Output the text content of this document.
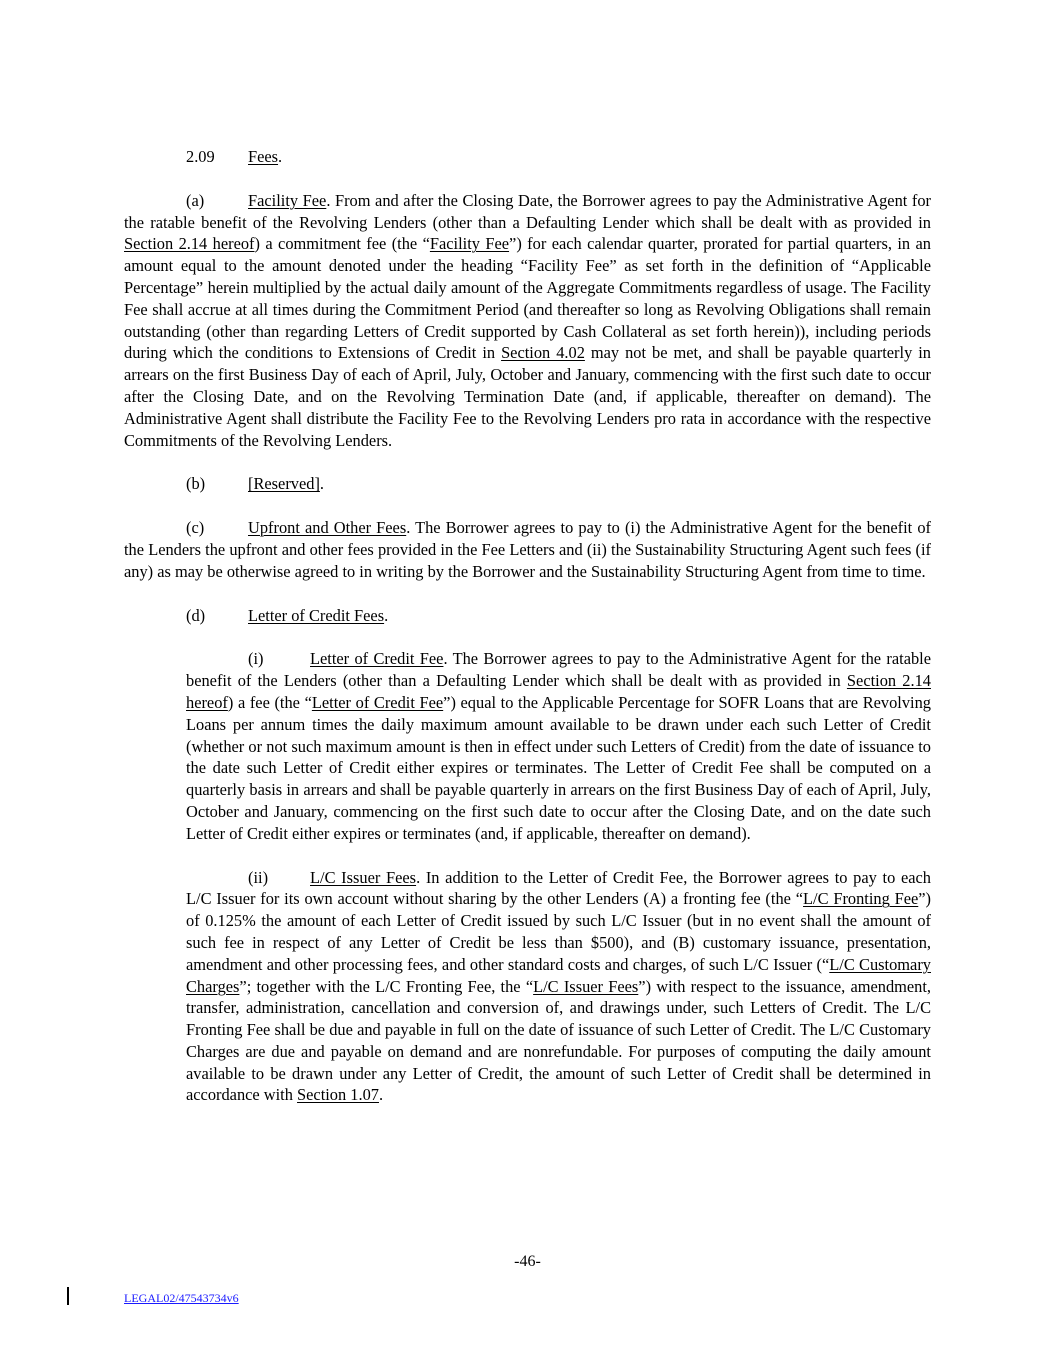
2.09 Fees.

(a)	Facility Fee. From and after the Closing Date, the Borrower agrees to pay the Administrative Agent for the ratable benefit of the Revolving Lenders (other than a Defaulting Lender which shall be dealt with as provided in Section 2.14 hereof) a commitment fee (the “Facility Fee”) for each calendar quarter, prorated for partial quarters, in an amount equal to the amount denoted under the heading “Facility Fee” as set forth in the definition of “Applicable Percentage” herein multiplied by the actual daily amount of the Aggregate Commitments regardless of usage. The Facility Fee shall accrue at all times during the Commitment Period (and thereafter so long as Revolving Obligations shall remain outstanding (other than regarding Letters of Credit supported by Cash Collateral as set forth herein)), including periods during which the conditions to Extensions of Credit in Section 4.02 may not be met, and shall be payable quarterly in arrears on the first Business Day of each of April, July, October and January, commencing with the first such date to occur after the Closing Date, and on the Revolving Termination Date (and, if applicable, thereafter on demand). The Administrative Agent shall distribute the Facility Fee to the Revolving Lenders pro rata in accordance with the respective Commitments of the Revolving Lenders.

(b)	[Reserved].

(c)	Upfront and Other Fees. The Borrower agrees to pay to (i) the Administrative Agent for the benefit of the Lenders the upfront and other fees provided in the Fee Letters and (ii) the Sustainability Structuring Agent such fees (if any) as may be otherwise agreed to in writing by the Borrower and the Sustainability Structuring Agent from time to time.

(d)	Letter of Credit Fees.

(i)	Letter of Credit Fee. The Borrower agrees to pay to the Administrative Agent for the ratable benefit of the Lenders (other than a Defaulting Lender which shall be dealt with as provided in Section 2.14 hereof) a fee (the “Letter of Credit Fee”) equal to the Applicable Percentage for SOFR Loans that are Revolving Loans per annum times the daily maximum amount available to be drawn under each such Letter of Credit (whether or not such maximum amount is then in effect under such Letters of Credit) from the date of issuance to the date such Letter of Credit either expires or terminates. The Letter of Credit Fee shall be computed on a quarterly basis in arrears and shall be payable quarterly in arrears on the first Business Day of each of April, July, October and January, commencing on the first such date to occur after the Closing Date, and on the date such Letter of Credit either expires or terminates (and, if applicable, thereafter on demand).

(ii)	L/C Issuer Fees. In addition to the Letter of Credit Fee, the Borrower agrees to pay to each L/C Issuer for its own account without sharing by the other Lenders (A) a fronting fee (the “L/C Fronting Fee”) of 0.125% the amount of each Letter of Credit issued by such L/C Issuer (but in no event shall the amount of such fee in respect of any Letter of Credit be less than $500), and (B) customary issuance, presentation, amendment and other processing fees, and other standard costs and charges, of such L/C Issuer (“L/C Customary Charges”; together with the L/C Fronting Fee, the “L/C Issuer Fees”) with respect to the issuance, amendment, transfer, administration, cancellation and conversion of, and drawings under, such Letters of Credit. The L/C Fronting Fee shall be due and payable in full on the date of issuance of such Letter of Credit. The L/C Customary Charges are due and payable on demand and are nonrefundable. For purposes of computing the daily amount available to be drawn under any Letter of Credit, the amount of such Letter of Credit shall be determined in accordance with Section 1.07.

-46-
LEGAL02/47543734v6
